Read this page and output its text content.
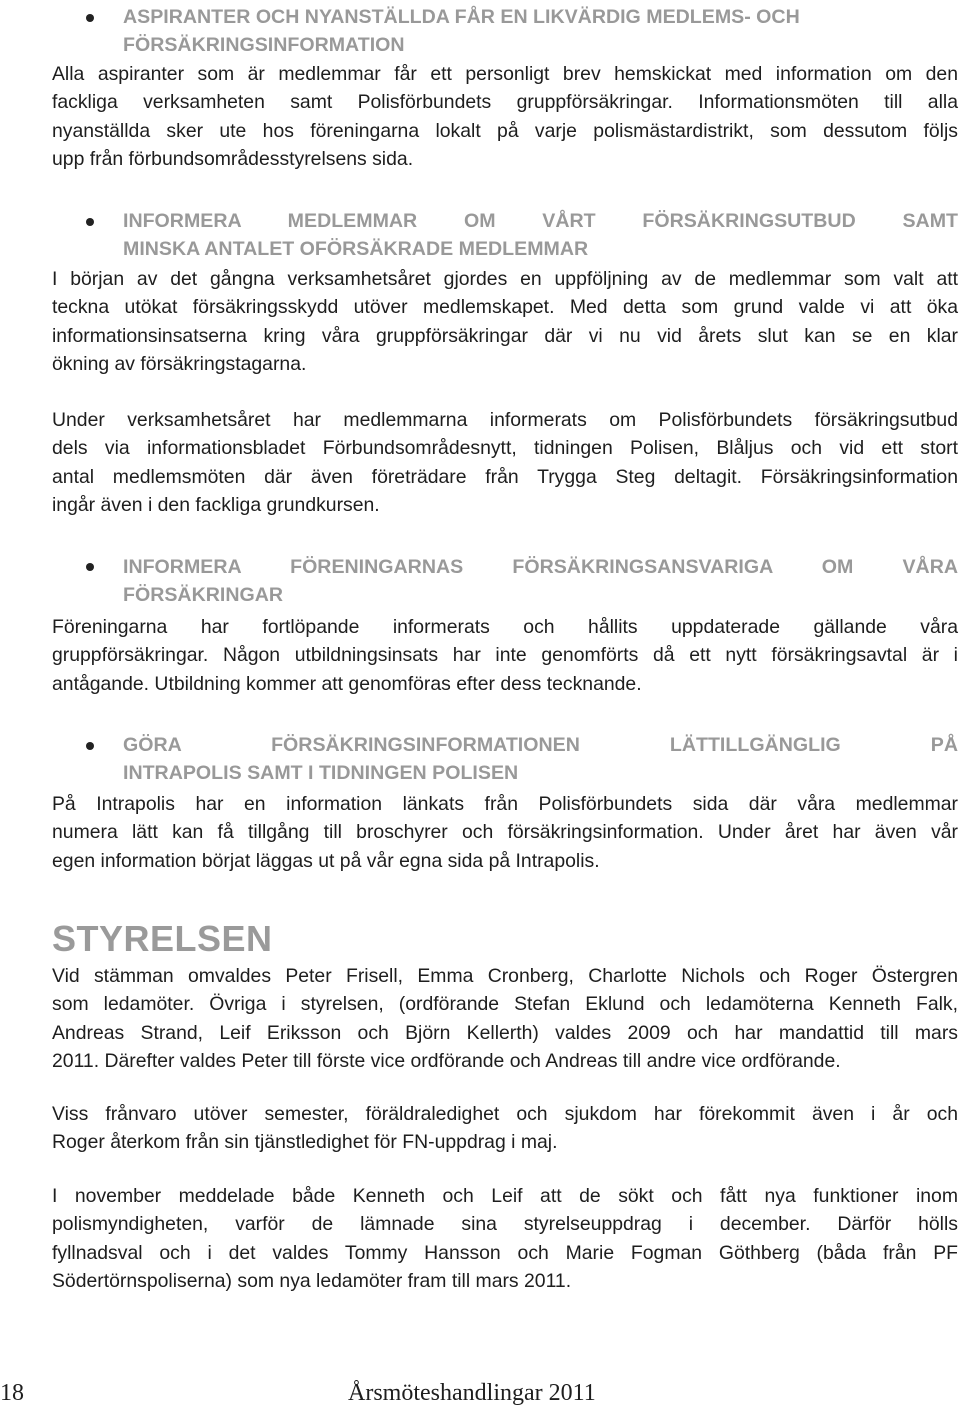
ASPIRANTER OCH NYANSTÄLLDA FÅR EN LIKVÄRDIG MEDLEMS- OCH
FÖRSÄKRINGSINFORMATION
Alla aspiranter som är medlemmar får ett personligt brev hemskickat med information om den
fackliga verksamheten samt Polisförbundets gruppförsäkringar. Informationsmöten till alla
nyanställda sker ute hos föreningarna lokalt på varje polismästardistrikt, som dessutom följs
upp från förbundsområdesstyrelsens sida.
INFORMERA MEDLEMMAR OM VÅRT FÖRSÄKRINGSUTBUD SAMT
MINSKA ANTALET OFÖRSÄKRADE MEDLEMMAR
I början av det gångna verksamhetsåret gjordes en uppföljning av de medlemmar som valt att
teckna utökat försäkringsskydd utöver medlemskapet. Med detta som grund valde vi att öka
informationsinsatserna kring våra gruppförsäkringar där vi nu vid årets slut kan se en klar
ökning av försäkringstagarna.
Under verksamhetsåret har medlemmarna informerats om Polisförbundets försäkringsutbud
dels via informationsbladet Förbundsområdesnytt, tidningen Polisen, Blåljus och vid ett stort
antal medlemsmöten där även företrädare från Trygga Steg deltagit. Försäkringsinformation
ingår även i den fackliga grundkursen.
INFORMERA FÖRENINGARNAS FÖRSÄKRINGSANSVARIGA OM VÅRA
FÖRSÄKRINGAR
Föreningarna har fortlöpande informerats och hållits uppdaterade gällande våra
gruppförsäkringar. Någon utbildningsinsats har inte genomförts då ett nytt försäkringsavtal är i
antågande. Utbildning kommer att genomföras efter dess tecknande.
GÖRA FÖRSÄKRINGSINFORMATIONEN LÄTTILLGÄNGLIG PÅ
INTRAPOLIS SAMT I TIDNINGEN POLISEN
På Intrapolis har en information länkats från Polisförbundets sida där våra medlemmar
numera lätt kan få tillgång till broschyrer och försäkringsinformation. Under året har även vår
egen information börjat läggas ut på vår egna sida på Intrapolis.
STYRELSEN
Vid stämman omvaldes Peter Frisell, Emma Cronberg, Charlotte Nichols och Roger Östergren
som ledamöter. Övriga i styrelsen, (ordförande Stefan Eklund och ledamöterna Kenneth Falk,
Andreas Strand, Leif Eriksson och Björn Kellerth) valdes 2009 och har mandattid till mars
2011. Därefter valdes Peter till förste vice ordförande och Andreas till andre vice ordförande.
Viss frånvaro utöver semester, föräldraledighet och sjukdom har förekommit även i år och
Roger återkom från sin tjänstledighet för FN-uppdrag i maj.
I november meddelade både Kenneth och Leif att de sökt och fått nya funktioner inom
polismyndigheten, varför de lämnade sina styrelseuppdrag i december. Därför hölls
fyllnadsval och i det valdes Tommy Hansson och Marie Fogman Göthberg (båda från PF
Södertörnspoliserna) som nya ledamöter fram till mars 2011.
18	Årsmöteshandlingar 2011
